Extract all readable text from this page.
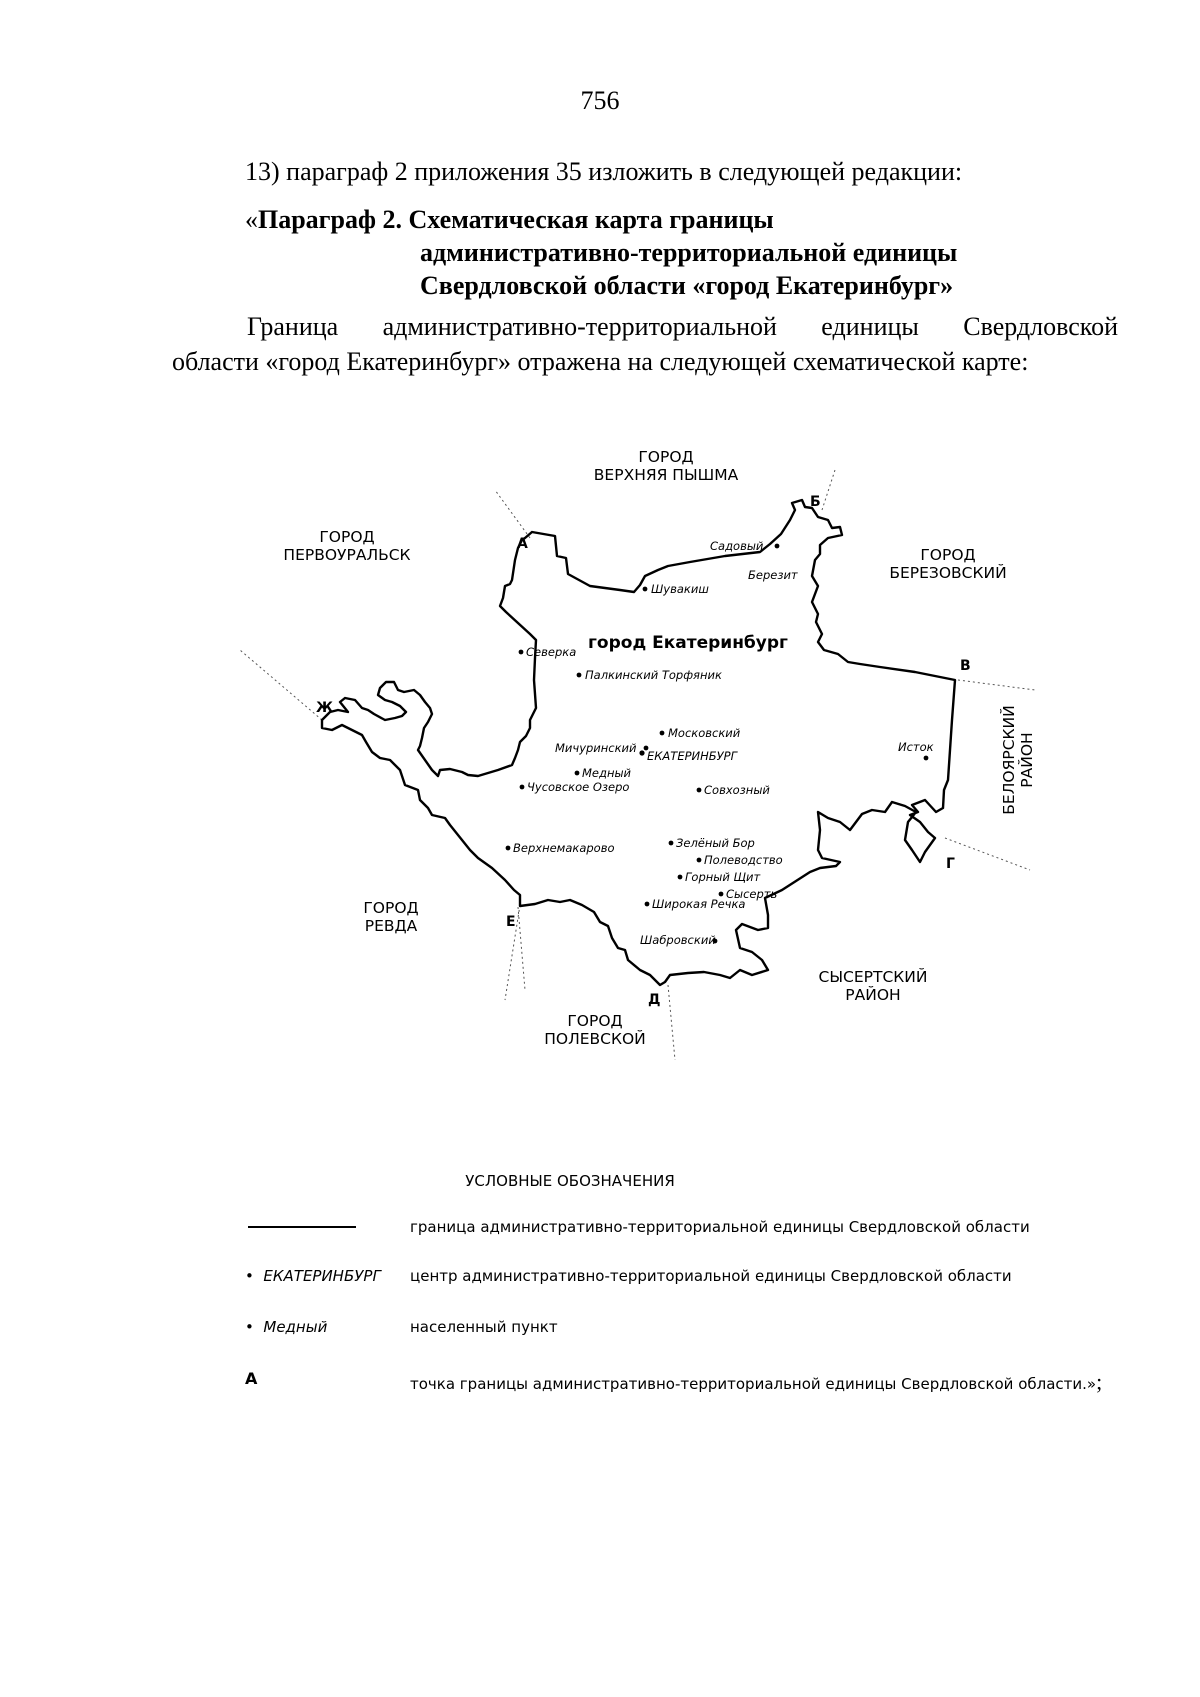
756
13) параграф 2 приложения 35 изложить в следующей редакции:
«Параграф 2. Схематическая карта границы
административно-территориальной единицы
Свердловской области «город Екатеринбург»
Граница административно-территориальной единицы Свердловской
области «город Екатеринбург» отражена на следующей схематической карте:
ГОРОД
ВЕРХНЯЯ ПЫШМА
ГОРОД
ПЕРВОУРАЛЬСК	ГОРОД
БЕРЕЗОВСКИЙ
ГОРОД
РЕВДА
ГОРОД
ПОЛЕВСКОЙ
СЫСЕРТСКИЙ
РАЙОН
БЕЛОЯРСКИЙ РАЙОН
город Екатеринбург
А
Б
В
Г
Д
Е
Ж
ЕКАТЕРИНБУРГ
Садовый
Березит
Шувакиш
Северка
Палкинский Торфяник
Московский
Мичуринский
Медный
Чусовское Озеро	Совхозный
Исток
Верхнемакарово	Зелёный Бор
Полеводство
Горный Щит
Сысерть
Широкая Речка
Шабровский
УСЛОВНЫЕ ОБОЗНАЧЕНИЯ
граница административно-территориальной единицы Свердловской области
•  ЕКАТЕРИНБУРГ	центр административно-территориальной единицы Свердловской области
•  Медный	населенный пункт
А	точка границы административно-территориальной единицы Свердловской области.»;
